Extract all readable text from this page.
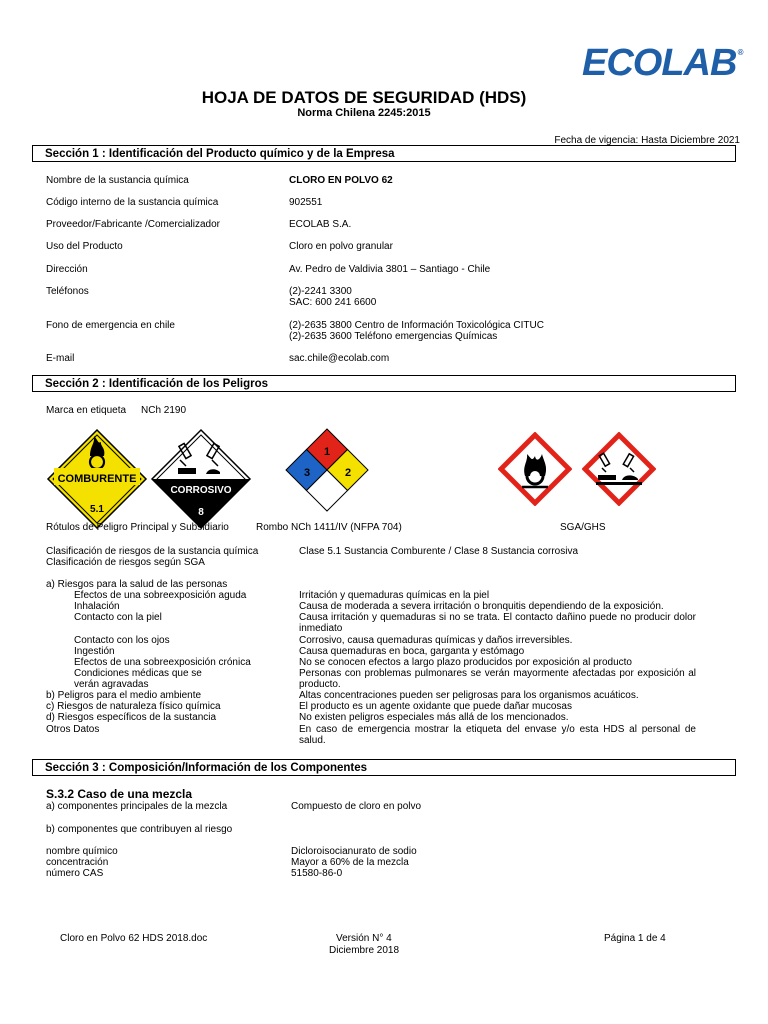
ECOLAB®
HOJA DE DATOS DE SEGURIDAD (HDS)
Norma Chilena 2245:2015
Fecha de vigencia: Hasta Diciembre 2021
Sección 1 : Identificación del Producto químico y de la Empresa
Nombre de la sustancia química	CLORO EN POLVO 62
Código interno de la sustancia química	902551
Proveedor/Fabricante /Comercializador	ECOLAB S.A.
Uso del Producto	Cloro en polvo granular
Dirección	Av. Pedro de Valdivia 3801 – Santiago - Chile
Teléfonos	(2)-2241 3300
SAC: 600 241 6600
Fono de emergencia en chile	(2)-2635 3800 Centro de Información Toxicológica CITUC
(2)-2635 3600 Teléfono emergencias Químicas
E-mail	sac.chile@ecolab.com
Sección 2 : Identificación de los Peligros
Marca en etiqueta NCh 2190
COMBURENTE
5.1
CORROSIVO
8
1
3	2
Rótulos de Peligro Principal y Subsidiario	Rombo NCh 1411/IV (NFPA 704)	SGA/GHS
Clasificación de riesgos de la sustancia química	Clase 5.1 Sustancia Comburente / Clase 8 Sustancia corrosiva
Clasificación de riesgos según SGA
a) Riesgos para la salud de las personas
Efectos de una sobreexposición aguda	Irritación y quemaduras químicas en la piel
Inhalación	Causa de moderada a severa irritación o bronquitis dependiendo de la exposición.
Contacto con la piel	Causa irritación y quemaduras si no se trata. El contacto dañino puede no producir dolor inmediato
Contacto con los ojos	Corrosivo, causa quemaduras químicas y daños irreversibles.
Ingestión	Causa quemaduras en boca, garganta y estómago
Efectos de una sobreexposición crónica	No se conocen efectos a largo plazo producidos por exposición al producto
Condiciones médicas que se
verán agravadas
Personas con problemas pulmonares se verán mayormente afectadas por exposición al producto.
b) Peligros para el medio ambiente	Altas concentraciones pueden ser peligrosas para los organismos acuáticos.
c) Riesgos de naturaleza físico química	El producto es un agente oxidante que puede dañar mucosas
d) Riesgos específicos de la sustancia	No existen peligros especiales más allá de los mencionados.
Otros Datos	En caso de emergencia mostrar la etiqueta del envase y/o esta HDS al personal de salud.
Sección 3 : Composición/Información de los Componentes
S.3.2 Caso de una mezcla
a) componentes principales de la mezcla	Compuesto de cloro en polvo
b) componentes que contribuyen al riesgo
nombre químico	Dicloroisocianurato de sodio
concentración	Mayor a 60% de la mezcla
número CAS	51580-86-0
Cloro en Polvo 62 HDS 2018.doc	Versión N° 4
Diciembre 2018
Página 1 de 4
